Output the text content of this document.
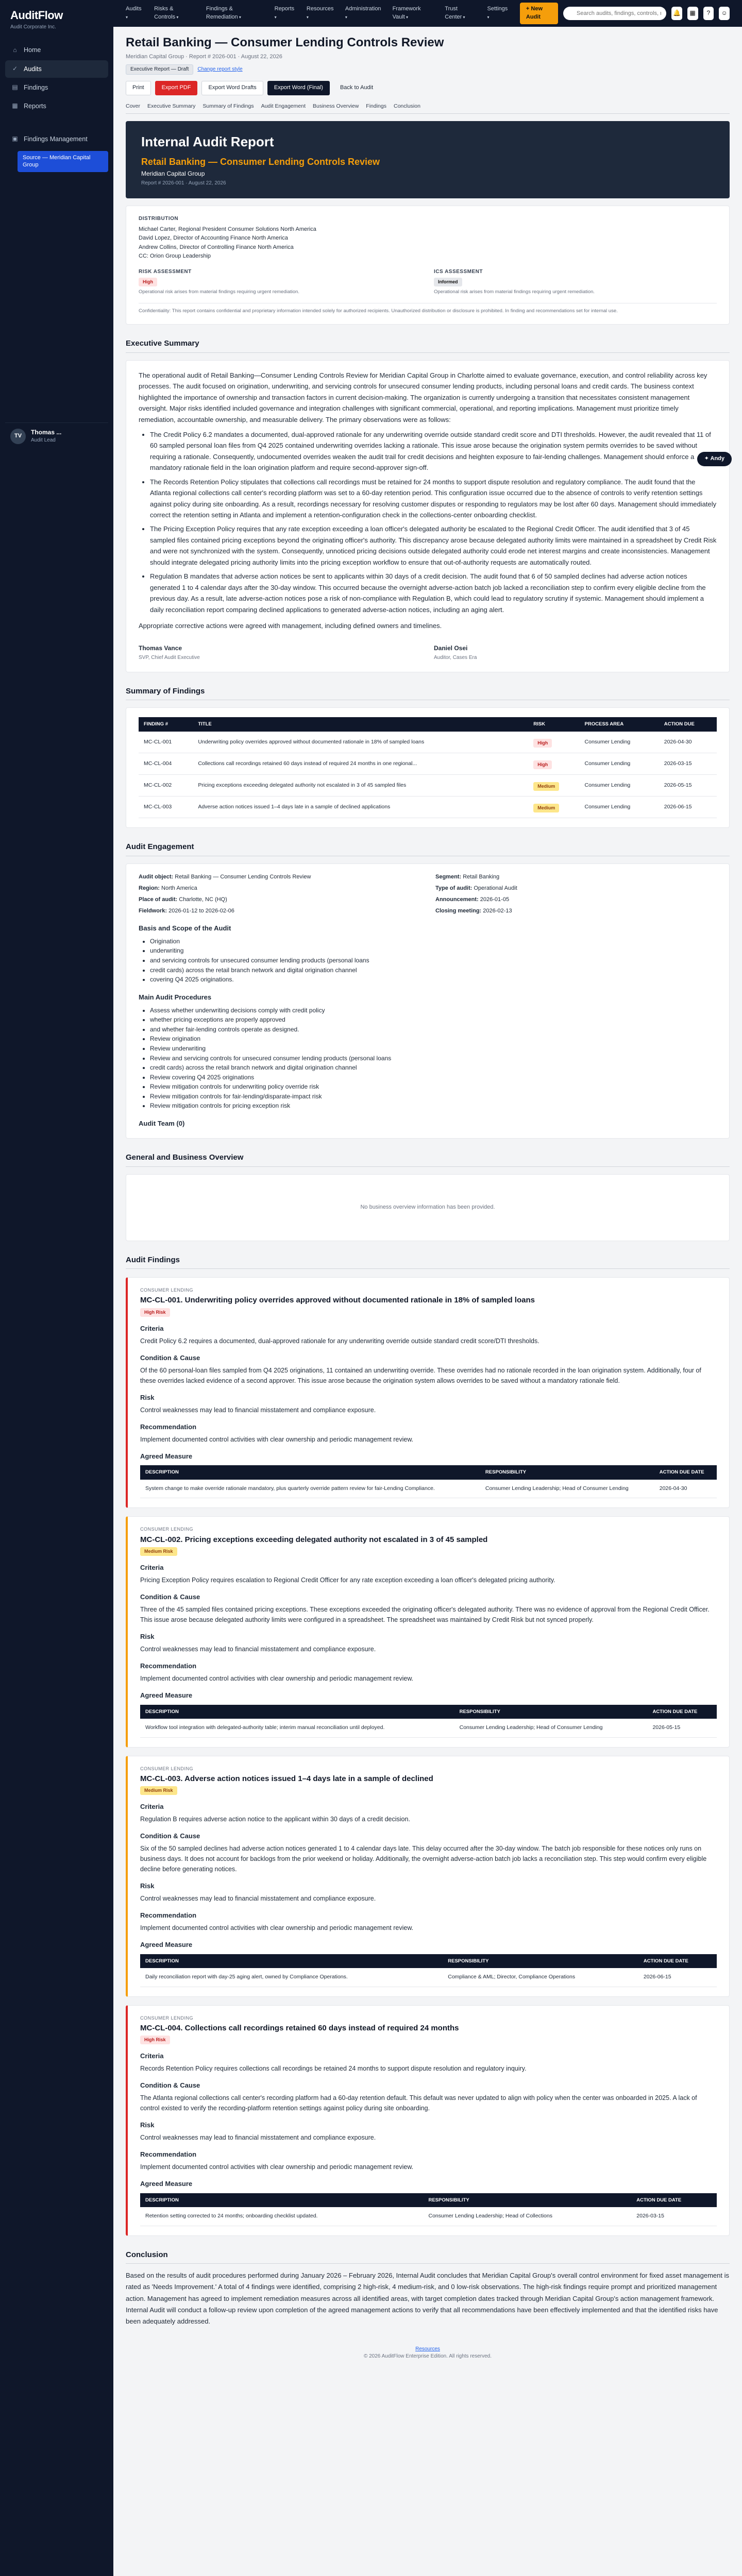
AuditFlow
Audit Corporate Inc.
⌂ Home
✓ Audits
▤ Findings
▦ Reports
▣ Findings Management
Source — Meridian Capital Group
TV	Thomas ...
Audit Lead
Audits ▾ Risks & Controls ▾
Findings & Remediation ▾
Reports ▾ Resources ▾ Administration ▾ Framework Vault ▾
Trust Center ▾
Settings ▾	+ New Audit
Search audits, findings, controls, reports...
🔔	▦	?	☺
Retail Banking — Consumer Lending Controls Review
Meridian Capital Group · Report # 2026-001 · August 22, 2026
Executive Report — Draft	Change report style
Print	Export PDF	Export Word Drafts	Export Word (Final)	Back to Audit
Cover Executive Summary Summary of Findings Audit Engagement Business Overview Findings Conclusion
Internal Audit Report
Retail Banking — Consumer Lending Controls Review
Meridian Capital Group
Report # 2026-001 · August 22, 2026
DISTRIBUTION
Michael Carter, Regional President Consumer Solutions North America
David Lopez, Director of Accounting Finance North America
Andrew Collins, Director of Controlling Finance North America
CC: Orion Group Leadership
RISK ASSESSMENT
High
Operational risk arises from material findings requiring urgent remediation.
ICS ASSESSMENT
Informed
Operational risk arises from material findings requiring urgent remediation.
Confidentiality: This report contains confidential and proprietary information intended solely for authorized recipients. Unauthorized distribution or disclosure is prohibited. In finding and recommendations set for internal use.
Executive Summary

The operational audit of Retail Banking—Consumer Lending Controls Review for Meridian Capital Group in Charlotte aimed to evaluate governance, execution, and control reliability across key processes. The audit focused on origination, underwriting, and servicing controls for unsecured consumer lending products, including personal loans and credit cards. The business context highlighted the importance of ownership and transaction factors in current decision-making. The organization is currently undergoing a transition that necessitates consistent management oversight. Major risks identified included governance and integration challenges with significant commercial, operational, and reporting implications. Management must prioritize timely remediation, accountable ownership, and measurable delivery. The primary observations were as follows:

• The Credit Policy 6.2 mandates a documented, dual-approved rationale for any underwriting override outside standard credit score and DTI thresholds. However, the audit revealed that 11 of 60 sampled personal loan files from Q4 2025 contained underwriting overrides lacking a rationale. This issue arose because the origination system permits overrides to be saved without requiring a rationale. Consequently, undocumented overrides weaken the audit trail for credit decisions and heighten exposure to fair-lending challenges. Management should enforce a mandatory rationale field in the loan origination platform and require second-approver sign-off.
• The Records Retention Policy stipulates that collections call recordings must be retained for 24 months to support dispute resolution and regulatory compliance. The audit found that the Atlanta regional collections call center's recording platform was set to a 60-day retention period. This configuration issue occurred due to the absence of controls to verify retention settings against policy during site onboarding. As a result, recordings necessary for resolving customer disputes or responding to regulators may be lost after 60 days. Management should immediately correct the retention setting in Atlanta and implement a retention-configuration check in the collections-center onboarding checklist.
• The Pricing Exception Policy requires that any rate exception exceeding a loan officer's delegated authority be escalated to the Regional Credit Officer. The audit identified that 3 of 45 sampled files contained pricing exceptions beyond the originating officer's authority. This discrepancy arose because delegated authority limits were maintained in a spreadsheet by Credit Risk and were not synchronized with the system. Consequently, unnoticed pricing decisions outside delegated authority could erode net interest margins and create inconsistencies. Management should integrate delegated pricing authority limits into the pricing exception workflow to ensure that out-of-authority requests are automatically routed.
• Regulation B mandates that adverse action notices be sent to applicants within 30 days of a credit decision. The audit found that 6 of 50 sampled declines had adverse action notices generated 1 to 4 calendar days after the 30-day window. This occurred because the overnight adverse-action batch job lacked a reconciliation step to confirm every eligible decline from the previous day. As a result, late adverse-action notices pose a risk of non-compliance with Regulation B, which could lead to regulatory scrutiny if systemic. Management should implement a daily reconciliation report comparing declined applications to generated adverse-action notices, including an aging alert.

Appropriate corrective actions were agreed with management, including defined owners and timelines.

Thomas Vance
SVP, Chief Audit Executive
Daniel Osei
Auditor, Cases Era
Summary of Findings
FINDING #	TITLE	RISK	PROCESS AREA	ACTION DUE
MC-CL-001	Underwriting policy overrides approved without documented rationale in 18% of sampled loans	High	Consumer Lending	2026-04-30
MC-CL-004	Collections call recordings retained 60 days instead of required 24 months in one regional...	High	Consumer Lending	2026-03-15
MC-CL-002	Pricing exceptions exceeding delegated authority not escalated in 3 of 45 sampled files	Medium	Consumer Lending	2026-05-15
MC-CL-003	Adverse action notices issued 1–4 days late in a sample of declined applications	Medium	Consumer Lending	2026-06-15
Audit Engagement
Audit object: Retail Banking — Consumer Lending Controls Review	Segment: Retail Banking
Region: North America	Type of audit: Operational Audit
Place of audit: Charlotte, NC (HQ)	Announcement: 2026-01-05
Fieldwork: 2026-01-12 to 2026-02-06	Closing meeting: 2026-02-13
Basis and Scope of the Audit
• Origination
• underwriting
• and servicing controls for unsecured consumer lending products (personal loans
• credit cards) across the retail branch network and digital origination channel
• covering Q4 2025 originations.
Main Audit Procedures
• Assess whether underwriting decisions comply with credit policy
• whether pricing exceptions are properly approved
• and whether fair-lending controls operate as designed.
• Review origination
• Review underwriting
• Review and servicing controls for unsecured consumer lending products (personal loans
• credit cards) across the retail branch network and digital origination channel
• Review covering Q4 2025 originations
• Review mitigation controls for underwriting policy override risk
• Review mitigation controls for fair-lending/disparate-impact risk
• Review mitigation controls for pricing exception risk
Audit Team (0)
General and Business Overview
No business overview information has been provided.
Audit Findings
CONSUMER LENDING
MC-CL-001. Underwriting policy overrides approved without documented rationale in 18% of sampled loans
High Risk
Criteria
Credit Policy 6.2 requires a documented, dual-approved rationale for any underwriting override outside standard credit score/DTI thresholds.
Condition & Cause
Of the 60 personal-loan files sampled from Q4 2025 originations, 11 contained an underwriting override. These overrides had no rationale recorded in the loan origination system. Additionally, four of these overrides lacked evidence of a second approver. This issue arose because the origination system allows overrides to be saved without a mandatory rationale field.
Risk
Control weaknesses may lead to financial misstatement and compliance exposure.
Recommendation
Implement documented control activities with clear ownership and periodic management review.
Agreed Measure
DESCRIPTION	RESPONSIBILITY	ACTION DUE DATE
System change to make override rationale mandatory, plus quarterly override pattern review for fair-Lending Compliance.	Consumer Lending Leadership; Head of Consumer Lending	2026-04-30
CONSUMER LENDING
MC-CL-002. Pricing exceptions exceeding delegated authority not escalated in 3 of 45 sampled
Medium Risk
Criteria
Pricing Exception Policy requires escalation to Regional Credit Officer for any rate exception exceeding a loan officer's delegated pricing authority.
Condition & Cause
Three of the 45 sampled files contained pricing exceptions. These exceptions exceeded the originating officer's delegated authority. There was no evidence of approval from the Regional Credit Officer. This issue arose because delegated authority limits were configured in a spreadsheet. The spreadsheet was maintained by Credit Risk but not synced properly.
Risk
Control weaknesses may lead to financial misstatement and compliance exposure.
Recommendation
Implement documented control activities with clear ownership and periodic management review.
Agreed Measure
DESCRIPTION	RESPONSIBILITY	ACTION DUE DATE
Workflow tool integration with delegated-authority table; interim manual reconciliation until deployed.	Consumer Lending Leadership; Head of Consumer Lending	2026-05-15
CONSUMER LENDING
MC-CL-003. Adverse action notices issued 1–4 days late in a sample of declined
Medium Risk
Criteria
Regulation B requires adverse action notice to the applicant within 30 days of a credit decision.
Condition & Cause
Six of the 50 sampled declines had adverse action notices generated 1 to 4 calendar days late. This delay occurred after the 30-day window. The batch job responsible for these notices only runs on business days. It does not account for backlogs from the prior weekend or holiday. Additionally, the overnight adverse-action batch job lacks a reconciliation step. This step would confirm every eligible decline before generating notices.
Risk
Control weaknesses may lead to financial misstatement and compliance exposure.
Recommendation
Implement documented control activities with clear ownership and periodic management review.
Agreed Measure
DESCRIPTION	RESPONSIBILITY	ACTION DUE DATE
Daily reconciliation report with day-25 aging alert, owned by Compliance Operations.	Compliance & AML; Director, Compliance Operations	2026-06-15
CONSUMER LENDING
MC-CL-004. Collections call recordings retained 60 days instead of required 24 months
High Risk
Criteria
Records Retention Policy requires collections call recordings be retained 24 months to support dispute resolution and regulatory inquiry.
Condition & Cause
The Atlanta regional collections call center's recording platform had a 60-day retention default. This default was never updated to align with policy when the center was onboarded in 2025. A lack of control existed to verify the recording-platform retention settings against policy during site onboarding.
Risk
Control weaknesses may lead to financial misstatement and compliance exposure.
Recommendation
Implement documented control activities with clear ownership and periodic management review.
Agreed Measure
DESCRIPTION	RESPONSIBILITY	ACTION DUE DATE
Retention setting corrected to 24 months; onboarding checklist updated.	Consumer Lending Leadership; Head of Collections	2026-03-15
Conclusion

Based on the results of audit procedures performed during January 2026 – February 2026, Internal Audit concludes that Meridian Capital Group's overall control environment for fixed asset management is rated as 'Needs Improvement.' A total of 4 findings were identified, comprising 2 high-risk, 4 medium-risk, and 0 low-risk observations. The high-risk findings require prompt and prioritized management action. Management has agreed to implement remediation measures across all identified areas, with target completion dates tracked through Meridian Capital Group's action management framework. Internal Audit will conduct a follow-up review upon completion of the agreed management actions to verify that all recommendations have been effectively implemented and that the identified risks have been adequately addressed.

Resources
© 2026 AuditFlow Enterprise Edition. All rights reserved.
✦ Andy
